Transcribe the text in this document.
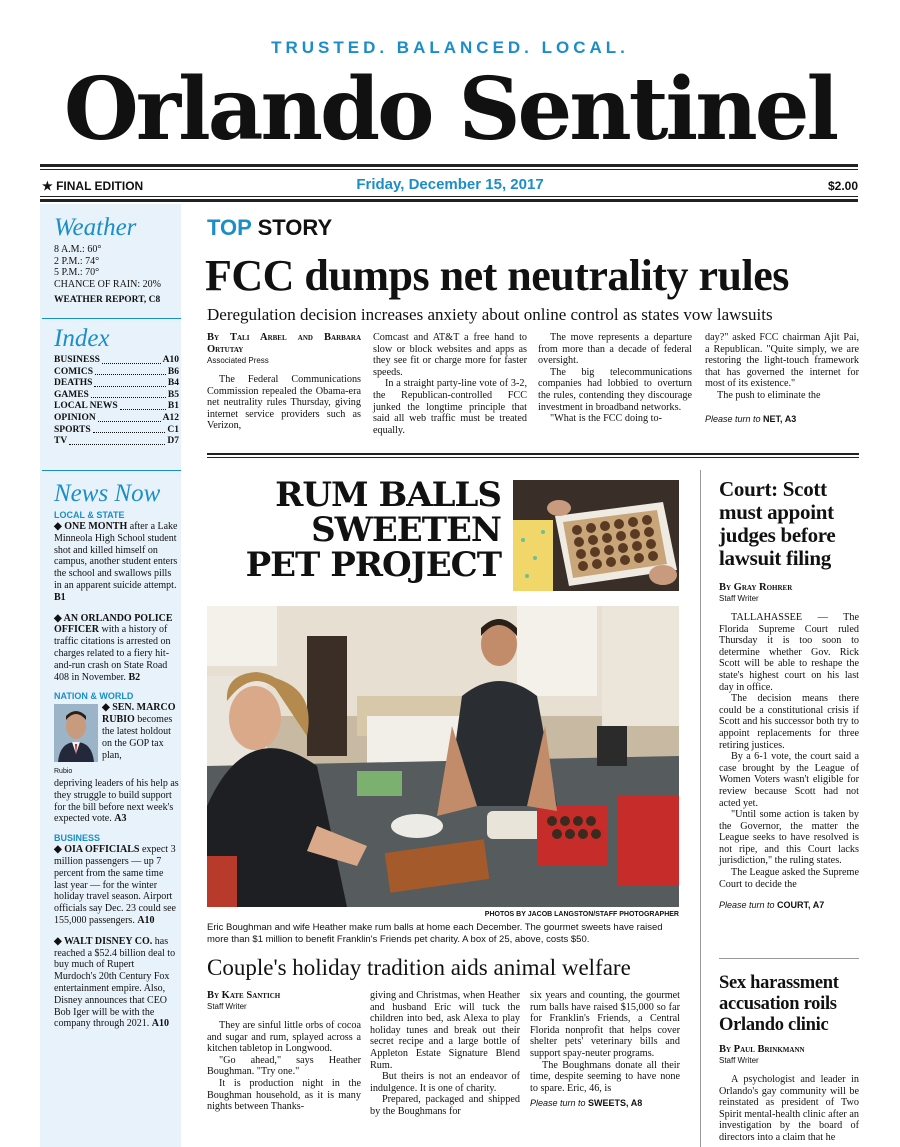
TRUSTED. BALANCED. LOCAL.
Orlando Sentinel
★ FINAL EDITION	Friday, December 15, 2017	$2.00
Weather
8 A.M.: 60°
2 P.M.: 74°
5 P.M.: 70°
CHANCE OF RAIN: 20%
WEATHER REPORT, C8
Index
BUSINESS	A10
COMICS	B6
DEATHS	B4
GAMES	B5
LOCAL NEWS	B1
OPINION	A12
SPORTS	C1
TV	D7
News Now
LOCAL & STATE
◆ ONE MONTH after a Lake Minneola High School student shot and killed himself on campus, another student enters the school and swallows pills in an apparent suicide attempt. B1
◆ AN ORLANDO POLICE OFFICER with a history of traffic citations is arrested on charges related to a fiery hit-and-run crash on State Road 408 in November. B2
NATION & WORLD
Rubio
◆ SEN. MARCO RUBIO becomes the latest holdout on the GOP tax plan,
depriving leaders of his help as they struggle to build support for the bill before next week's expected vote. A3
BUSINESS
◆ OIA OFFICIALS expect 3 million passengers — up 7 percent from the same time last year — for the winter holiday travel season. Airport officials say Dec. 23 could see 155,000 passengers. A10
◆ WALT DISNEY CO. has reached a $52.4 billion deal to buy much of Rupert Murdoch's 20th Century Fox entertainment empire. Also, Disney announces that CEO Bob Iger will be with the company through 2021. A10
TOP STORY
FCC dumps net neutrality rules
Deregulation decision increases anxiety about online control as states vow lawsuits
By Tali Arbel and Barbara Ortutay
Associated Press

The Federal Communications Commission repealed the Obama-era net neutrality rules Thursday, giving internet service providers such as Verizon,

Comcast and AT&T a free hand to slow or block websites and apps as they see fit or charge more for faster speeds.

In a straight party-line vote of 3-2, the Republican-controlled FCC junked the longtime principle that said all web traffic must be treated equally.

The move represents a departure from more than a decade of federal oversight.

The big telecommunications companies had lobbied to overturn the rules, contending they discourage investment in broadband networks.

"What is the FCC doing to-

day?" asked FCC chairman Ajit Pai, a Republican. "Quite simply, we are restoring the light-touch framework that has governed the internet for most of its existence."

The push to eliminate the

Please turn to NET, A3
RUM BALLS
SWEETEN
PET PROJECT
PHOTOS BY JACOB LANGSTON/STAFF PHOTOGRAPHER
Eric Boughman and wife Heather make rum balls at home each December. The gourmet sweets have raised more than $1 million to benefit Franklin's Friends pet charity. A box of 25, above, costs $50.
Couple's holiday tradition aids animal welfare
By Kate Santich
Staff Writer

They are sinful little orbs of cocoa and sugar and rum, splayed across a kitchen tabletop in Longwood.

"Go ahead," says Heather Boughman. "Try one."

It is production night in the Boughman household, as it is many nights between Thanks-

giving and Christmas, when Heather and husband Eric will tuck the children into bed, ask Alexa to play holiday tunes and break out their secret recipe and a large bottle of Appleton Estate Signature Blend Rum.

But theirs is not an endeavor of indulgence. It is one of charity.

Prepared, packaged and shipped by the Boughmans for

six years and counting, the gourmet rum balls have raised $15,000 so far for Franklin's Friends, a Central Florida nonprofit that helps cover shelter pets' veterinary bills and support spay-neuter programs.

The Boughmans donate all their time, despite seeming to have none to spare. Eric, 46, is

Please turn to SWEETS, A8
Court: Scott must appoint judges before lawsuit filing
By Gray Rohrer
Staff Writer

TALLAHASSEE — The Florida Supreme Court ruled Thursday it is too soon to determine whether Gov. Rick Scott will be able to reshape the state's highest court on his last day in office.

The decision means there could be a constitutional crisis if Scott and his successor both try to appoint replacements for three retiring justices.

By a 6-1 vote, the court said a case brought by the League of Women Voters wasn't eligible for review because Scott had not acted yet.

"Until some action is taken by the Governor, the matter the League seeks to have resolved is not ripe, and this Court lacks jurisdiction," the ruling states.

The League asked the Supreme Court to decide the

Please turn to COURT, A7
Sex harassment accusation roils Orlando clinic
By Paul Brinkmann
Staff Writer

A psychologist and leader in Orlando's gay community will be reinstated as president of Two Spirit mental-health clinic after an investigation by the board of directors into a claim that he
